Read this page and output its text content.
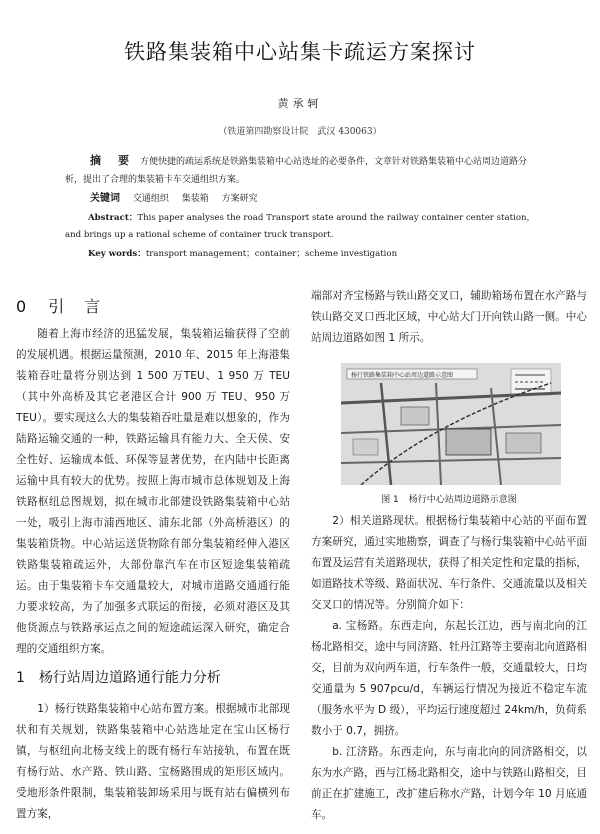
铁路集装箱中心站集卡疏运方案探讨
黄承轲
（铁道第四勘察设计院　武汉 430063）
摘　要 方便快捷的疏运系统是铁路集装箱中心站选址的必要条件，文章针对铁路集装箱中心站周边道路分析，提出了合理的集装箱卡车交通组织方案。
关键词 交通组织 集装箱 方案研究
Abstract：This paper analyses the road Transport state around the railway container center station，and brings up a rational scheme of container truck transport.
Key words：transport management；container；scheme investigation
0 引　言

随着上海市经济的迅猛发展，集装箱运输获得了空前的发展机遇。根据运量预测，2010 年、2015 年上海港集装箱吞吐量将分别达到 1 500 万TEU、1 950 万 TEU（其中外高桥及其它老港区合计 900 万 TEU、950 万 TEU）。要实现这么大的集装箱吞吐量是难以想象的，作为陆路运输交通的一种，铁路运输具有能力大、全天侯、安全性好、运输成本低、环保等显著优势，在内陆中长距离运输中具有较大的优势。按照上海市城市总体规划及上海铁路枢纽总图规划，拟在城市北部建设铁路集装箱中心站一处，吸引上海市浦西地区、浦东北部（外高桥港区）的集装箱货物。中心站运送货物除有部分集装箱经伸入港区铁路集装箱疏运外，大部份靠汽车在市区短途集装箱疏运。由于集装箱卡车交通量较大，对城市道路交通通行能力要求较高，为了加强多式联运的衔接，必须对港区及其他货源点与铁路承运点之间的短途疏运深入研究，确定合理的交通组织方案。

1 杨行站周边道路通行能力分析

1）杨行铁路集装箱中心站布置方案。根据城市北部现状和有关规划，铁路集装箱中心站选址定在宝山区杨行镇，与枢纽向北杨支线上的既有杨行车站接轨，布置在既有杨行站、水产路、铁山路、宝杨路围成的矩形区域内。受地形条件限制，集装箱装卸场采用与既有站右偏横列布置方案，

端部对齐宝杨路与铁山路交叉口，辅助箱场布置在水产路与铁山路交叉口西北区域，中心站大门开向铁山路一侧。中心站周边道路如图 1 所示。

杨行铁路集装箱中心站周边道路示意图
图 1 杨行中心站周边道路示意图

2）相关道路现状。根据杨行集装箱中心站的平面布置方案研究，通过实地勘察，调查了与杨行集装箱中心站平面布置及运营有关道路现状，获得了相关定性和定量的指标，如道路技术等级、路面状况、车行条件、交通流量以及相关交叉口的情况等。分别简介如下：

a. 宝杨路。东西走向，东起长江边，西与南北向的江杨北路相交，途中与同济路、牡丹江路等主要南北向道路相交，目前为双向两车道，行车条件一般，交通量较大，日均交通量为 5 907pcu/d，车辆运行情况为接近不稳定车流（服务水平为 D 级），平均运行速度超过 24km/h，负荷系数小于 0.7，拥挤。

b. 江济路。东西走向，东与南北向的同济路相交，以东为水产路，西与江杨北路相交，途中与铁路山路相交，目前正在扩建施工，改扩建后称水产路，计划今年 10 月底通车。
